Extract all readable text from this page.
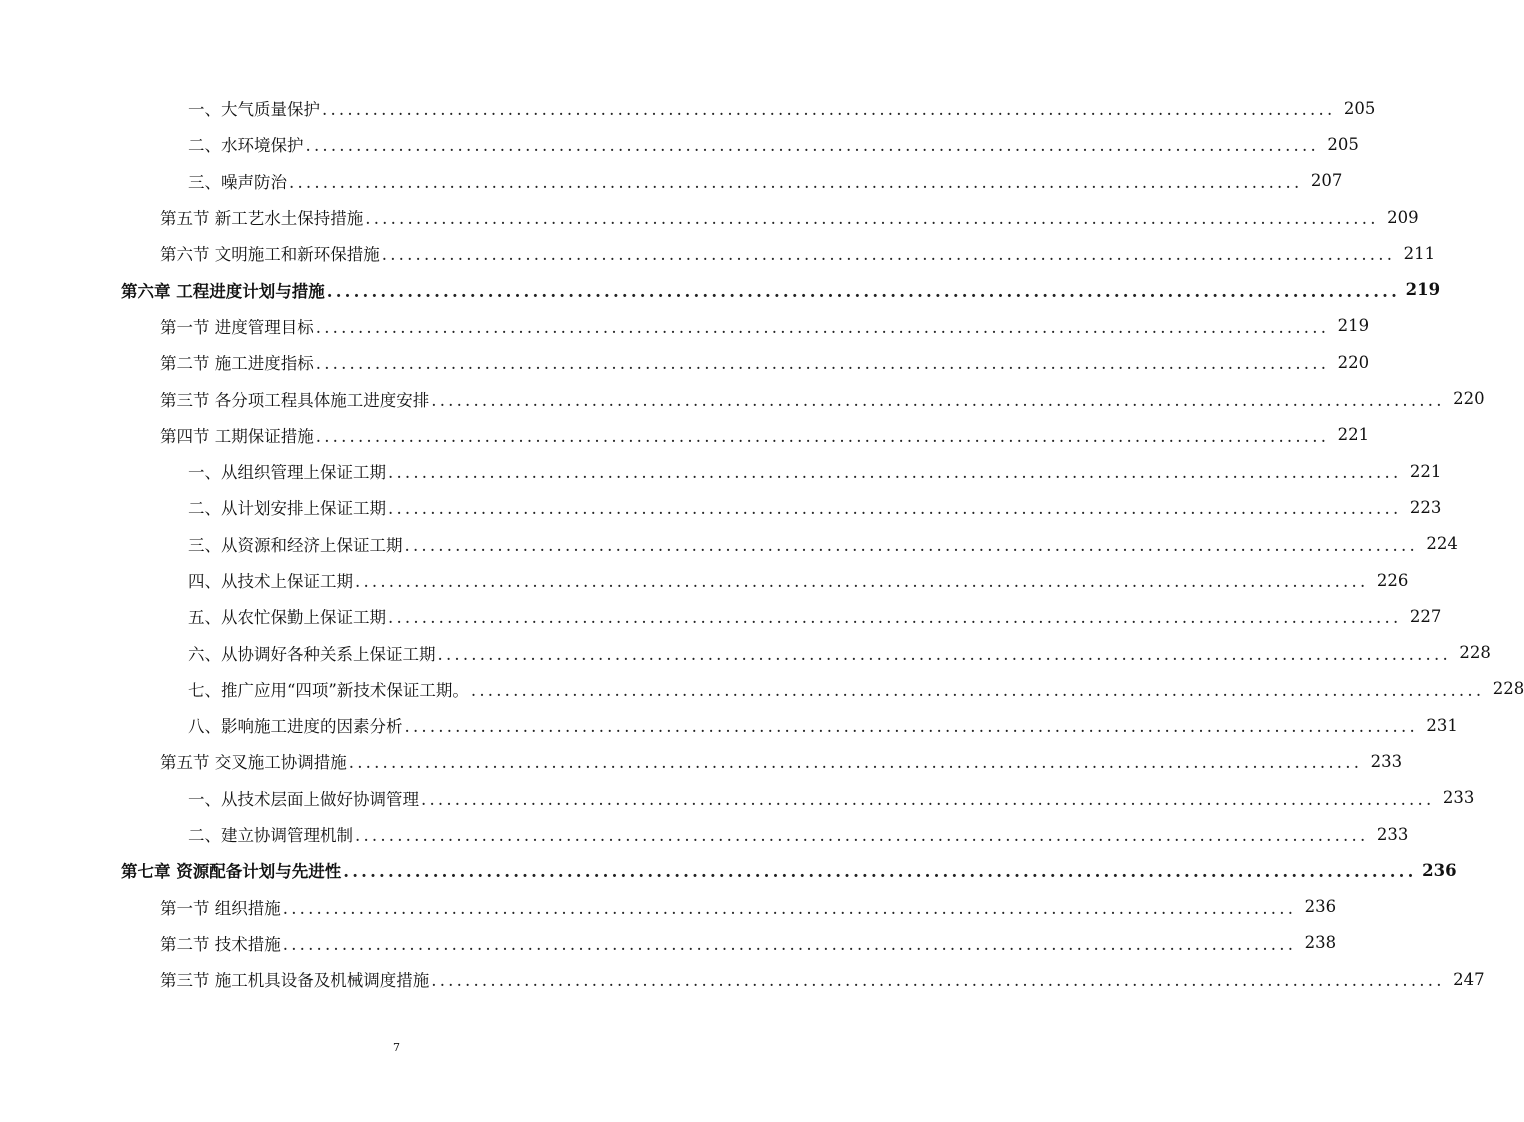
一、大气质量保护 ........................................................................................................................ 205
二、水环境保护 ........................................................................................................................ 205
三、噪声防治 ........................................................................................................................ 207
第五节 新工艺水土保持措施 ........................................................................................................................ 209
第六节 文明施工和新环保措施 ........................................................................................................................ 211
第六章 工程进度计划与措施 ........................................................................................................................ 219
第一节 进度管理目标 ........................................................................................................................ 219
第二节 施工进度指标 ........................................................................................................................ 220
第三节 各分项工程具体施工进度安排 ........................................................................................................................ 220
第四节 工期保证措施 ........................................................................................................................ 221
一、从组织管理上保证工期 ........................................................................................................................ 221
二、从计划安排上保证工期 ........................................................................................................................ 223
三、从资源和经济上保证工期 ........................................................................................................................ 224
四、从技术上保证工期 ........................................................................................................................ 226
五、从农忙保勤上保证工期 ........................................................................................................................ 227
六、从协调好各种关系上保证工期 ........................................................................................................................ 228
七、推广应用“四项”新技术保证工期。 ........................................................................................................................ 228
八、影响施工进度的因素分析 ........................................................................................................................ 231
第五节 交叉施工协调措施 ........................................................................................................................ 233
一、从技术层面上做好协调管理 ........................................................................................................................ 233
二、建立协调管理机制 ........................................................................................................................ 233
第七章 资源配备计划与先进性 ........................................................................................................................ 236
第一节 组织措施 ........................................................................................................................ 236
第二节 技术措施 ........................................................................................................................ 238
第三节 施工机具设备及机械调度措施 ........................................................................................................................ 247
7
